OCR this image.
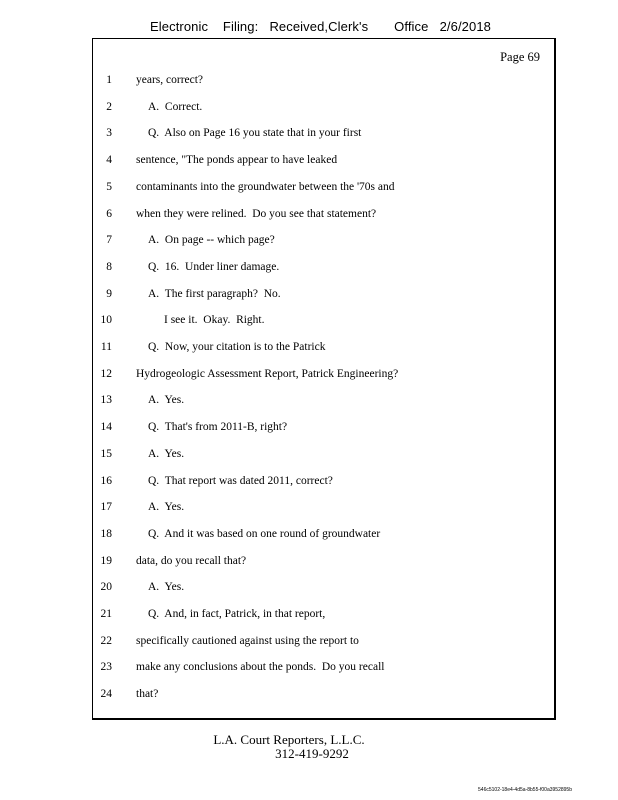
Electronic    Filing:   Received,Clerk's       Office   2/6/2018
Page 69
1 years, correct?
2	A.  Correct.
3	Q.  Also on Page 16 you state that in your first
4 sentence, "The ponds appear to have leaked
5 contaminants into the groundwater between the '70s and
6 when they were relined.  Do you see that statement?
7	A.  On page -- which page?
8	Q.  16.  Under liner damage.
9	A.  The first paragraph?  No.
10	I see it.  Okay.  Right.
11	Q.  Now, your citation is to the Patrick
12 Hydrogeologic Assessment Report, Patrick Engineering?
13	A.  Yes.
14	Q.  That's from 2011-B, right?
15	A.  Yes.
16	Q.  That report was dated 2011, correct?
17	A.  Yes.
18	Q.  And it was based on one round of groundwater
19 data, do you recall that?
20	A.  Yes.
21	Q.  And, in fact, Patrick, in that report,
22 specifically cautioned against using the report to
23 make any conclusions about the ponds.  Do you recall
24 that?
L.A. Court Reporters, L.L.C.
312-419-9292
546c5102-18e4-4d5a-8b55-f00a3952895b
